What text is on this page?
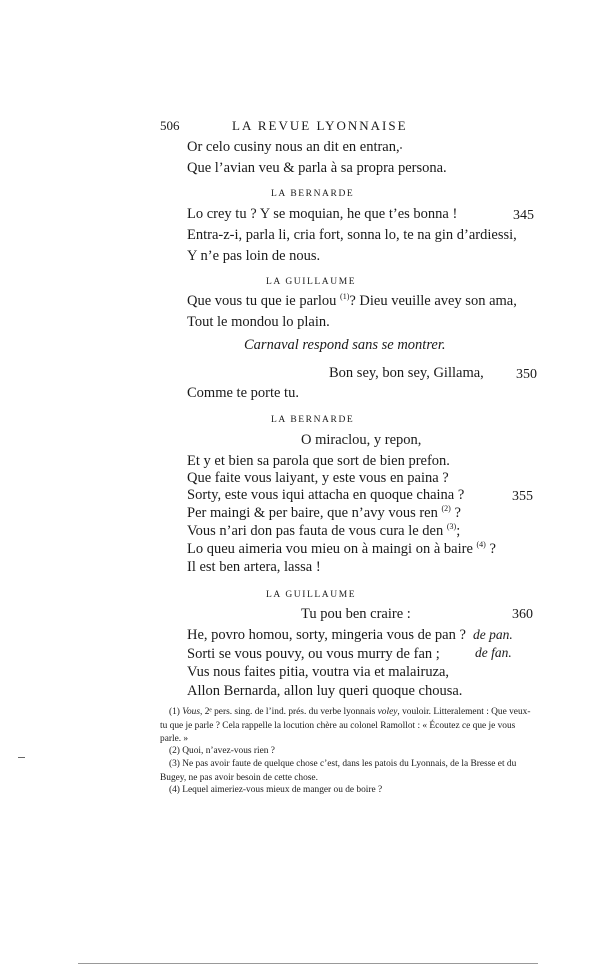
506	LA REVUE LYONNAISE
Or celo cusiny nous an dit en entran,
Que l’avian veu & parla à sa propra persona.
LA BERNARDE
Lo crey tu ? Y se moquian, he que t’es bonna !	345
Entra-z-i, parla li, cria fort, sonna lo, te na gin d’ardiessi,
Y n’e pas loin de nous.
LA GUILLAUME
Que vous tu que ie parlou $^{(1)}$? Dieu veuille avey son ama,
Tout le mondou lo plain.
Carnaval respond sans se montrer.
Bon sey, bon sey, Gillama, 350
Comme te porte tu.
LA BERNARDE
O miraclou, y repon,
Et y et bien sa parola que sort de bien prefon.
Que faite vous laiyant, y este vous en paina ?
Sorty, este vous iqui attacha en quoque chaina ?	355
Per maingi & per baire, que n’avy vous ren $^{(2)}$ ?
Vous n’ari don pas fauta de vous cura le den $^{(3)}$;
Lo queu aimeria vou mieu on à maingi on à baire $^{(4)}$ ?
Il est ben artera, lassa !
LA GUILLAUME
Tu pou ben craire :	360
He, povro homou, sorty, mingeria vous de pan ? de pan.
Sorti se vous pouvy, ou vous murry de fan ;	de fan.
Vus nous faites pitia, voutra via et malairuza,
Allon Bernarda, allon luy queri quoque chousa.
(1) Vous, 2ᵉ pers. sing. de l’ind. prés. du verbe lyonnais voley, vouloir. Litteralement : Que veux-tu que je parle ? Cela rappelle la locution chère au colonel Ramollot : « Écoutez ce que je vous parle. »
(2) Quoi, n’avez-vous rien ?
(3) Ne pas avoir faute de quelque chose c’est, dans les patois du Lyonnais, de la Bresse et du Bugey, ne pas avoir besoin de cette chose.
(4) Lequel aimeriez-vous mieux de manger ou de boire ?
